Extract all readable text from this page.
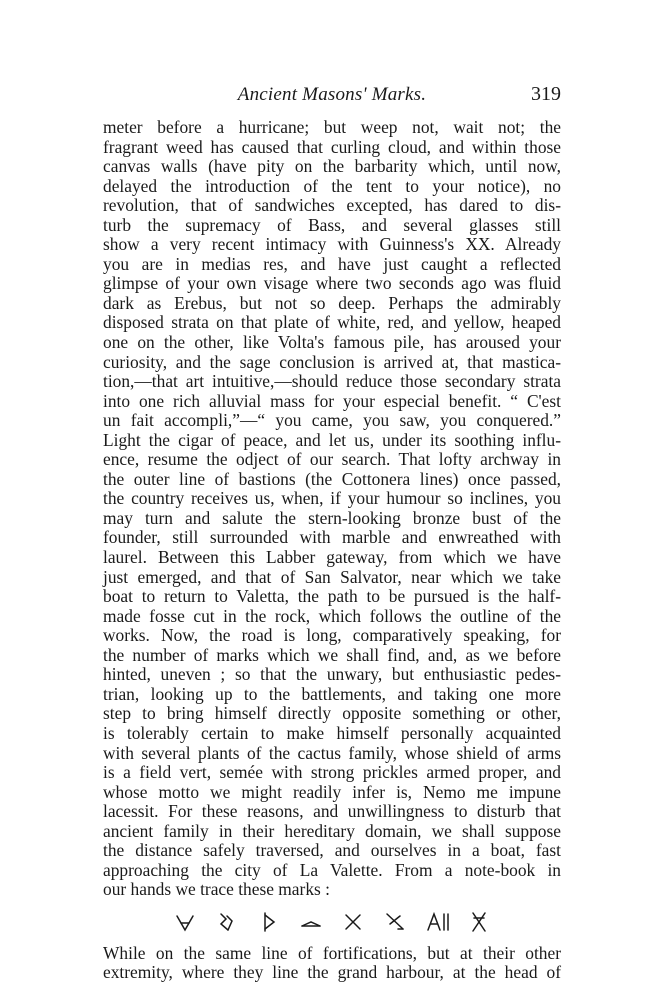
Ancient Masons' Marks.	319
meter before a hurricane; but weep not, wait not; the
fragrant weed has caused that curling cloud, and within those
canvas walls (have pity on the barbarity which, until now,
delayed the introduction of the tent to your notice), no
revolution, that of sandwiches excepted, has dared to dis-
turb the supremacy of Bass, and several glasses still
show a very recent intimacy with Guinness's XX. Already
you are in medias res, and have just caught a reflected
glimpse of your own visage where two seconds ago was fluid
dark as Erebus, but not so deep. Perhaps the admirably
disposed strata on that plate of white, red, and yellow, heaped
one on the other, like Volta's famous pile, has aroused your
curiosity, and the sage conclusion is arrived at, that mastica-
tion,—that art intuitive,—should reduce those secondary strata
into one rich alluvial mass for your especial benefit. “ C'est
un fait accompli,”—“ you came, you saw, you conquered.”
Light the cigar of peace, and let us, under its soothing influ-
ence, resume the odject of our search. That lofty archway in
the outer line of bastions (the Cottonera lines) once passed,
the country receives us, when, if your humour so inclines, you
may turn and salute the stern-looking bronze bust of the
founder, still surrounded with marble and enwreathed with
laurel. Between this Labber gateway, from which we have
just emerged, and that of San Salvator, near which we take
boat to return to Valetta, the path to be pursued is the half-
made fosse cut in the rock, which follows the outline of the
works. Now, the road is long, comparatively speaking, for
the number of marks which we shall find, and, as we before
hinted, uneven ; so that the unwary, but enthusiastic pedes-
trian, looking up to the battlements, and taking one more
step to bring himself directly opposite something or other,
is tolerably certain to make himself personally acquainted
with several plants of the cactus family, whose shield of arms
is a field vert, semée with strong prickles armed proper, and
whose motto we might readily infer is, Nemo me impune
lacessit. For these reasons, and unwillingness to disturb that
ancient family in their hereditary domain, we shall suppose
the distance safely traversed, and ourselves in a boat, fast
approaching the city of La Valette. From a note-book in
our hands we trace these marks :
While on the same line of fortifications, but at their other
extremity, where they line the grand harbour, at the head of
